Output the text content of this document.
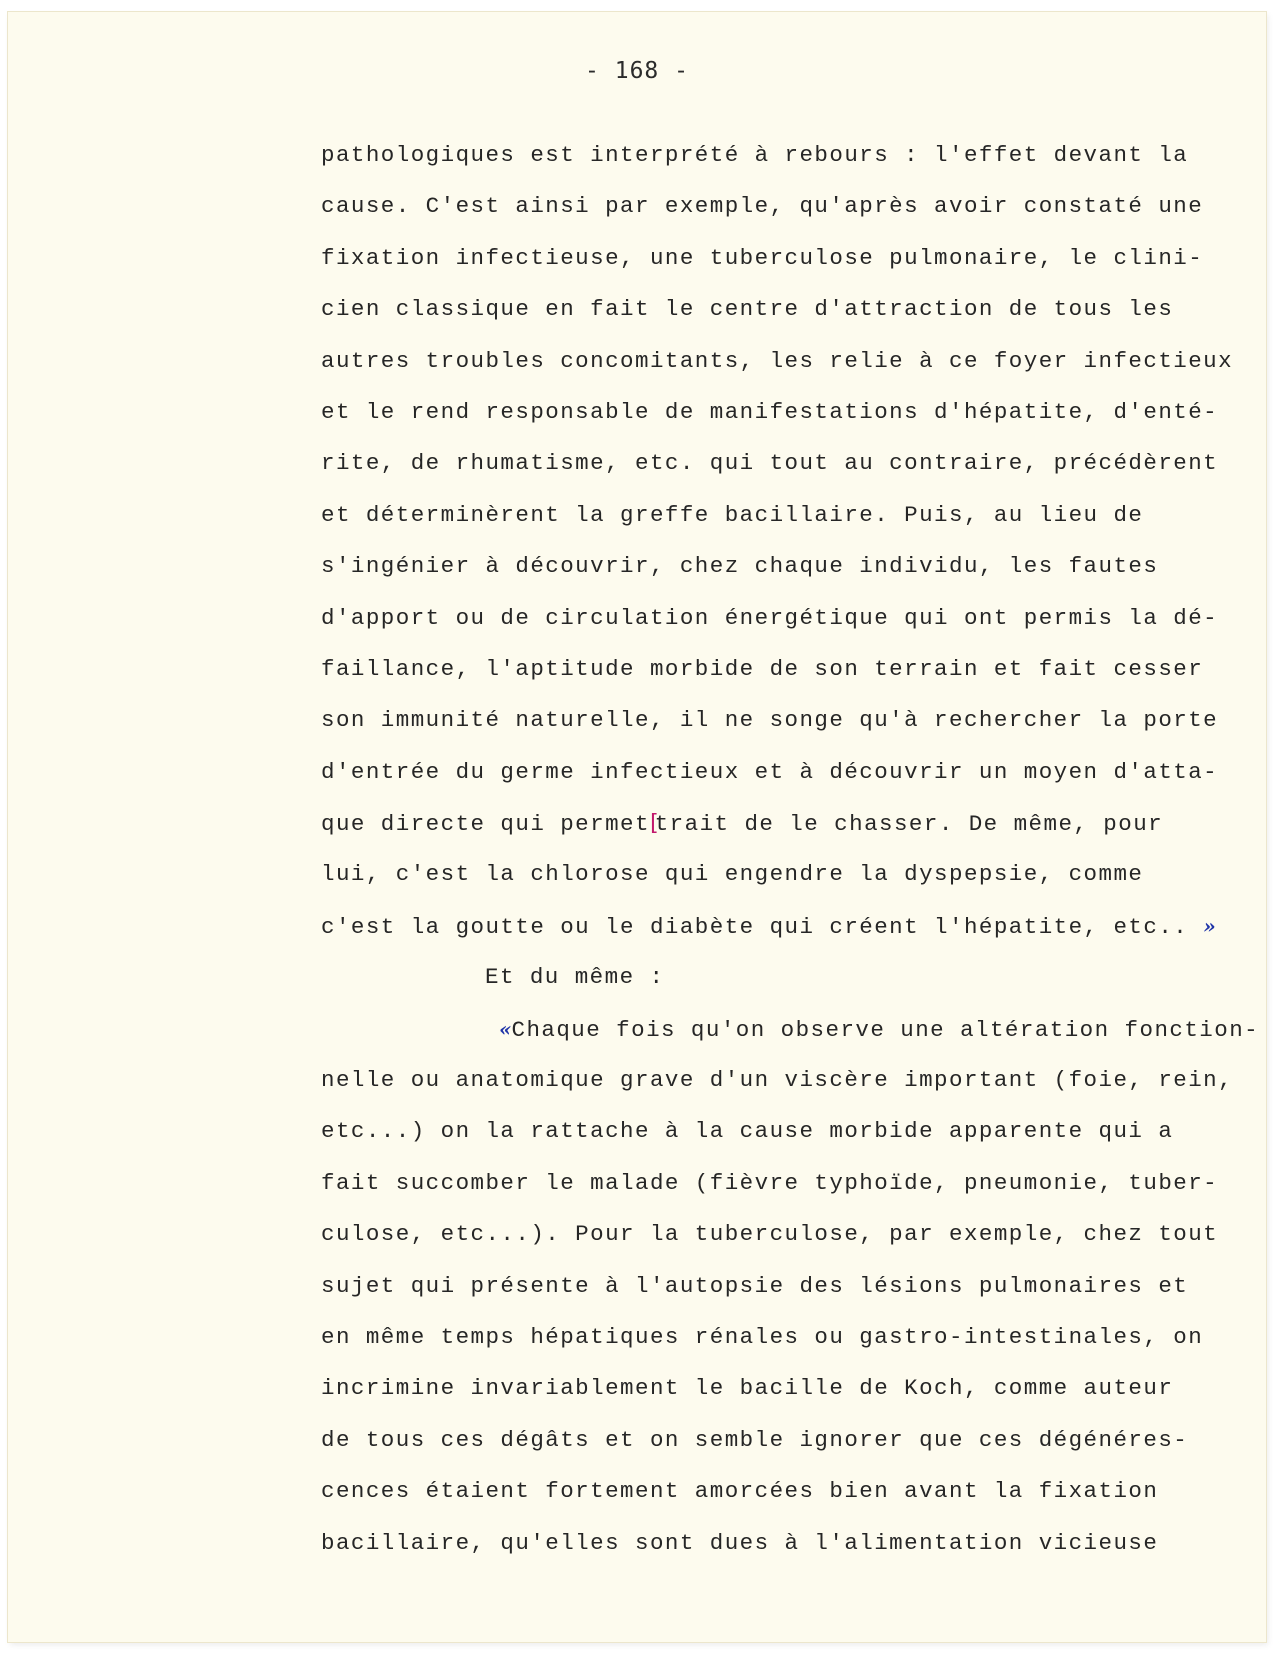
- 168 -
pathologiques est interprété à rebours : l'effet devant la
cause. C'est ainsi par exemple, qu'après avoir constaté une
fixation infectieuse, une tuberculose pulmonaire, le clini-
cien classique en fait le centre d'attraction de tous les
autres troubles concomitants, les relie à ce foyer infectieux
et le rend responsable de manifestations d'hépatite, d'enté-
rite, de rhumatisme, etc. qui tout au contraire, précédèrent
et déterminèrent la greffe bacillaire. Puis, au lieu de
s'ingénier à découvrir, chez chaque individu, les fautes
d'apport ou de circulation énergétique qui ont permis la dé-
faillance, l'aptitude morbide de son terrain et fait cesser
son immunité naturelle, il ne songe qu'à rechercher la porte
d'entrée du germe infectieux et à découvrir un moyen d'atta-
que directe qui permet[trait de le chasser. De même, pour
lui, c'est la chlorose qui engendre la dyspepsie, comme
c'est la goutte ou le diabète qui créent l'hépatite, etc.. »
Et du même :
«Chaque fois qu'on observe une altération fonction-
nelle ou anatomique grave d'un viscère important (foie, rein,
etc...) on la rattache à la cause morbide apparente qui a
fait succomber le malade (fièvre typhoïde, pneumonie, tuber-
culose, etc...). Pour la tuberculose, par exemple, chez tout
sujet qui présente à l'autopsie des lésions pulmonaires et
en même temps hépatiques rénales ou gastro-intestinales, on
incrimine invariablement le bacille de Koch, comme auteur
de tous ces dégâts et on semble ignorer que ces dégénéres-
cences étaient fortement amorcées bien avant la fixation
bacillaire, qu'elles sont dues à l'alimentation vicieuse
